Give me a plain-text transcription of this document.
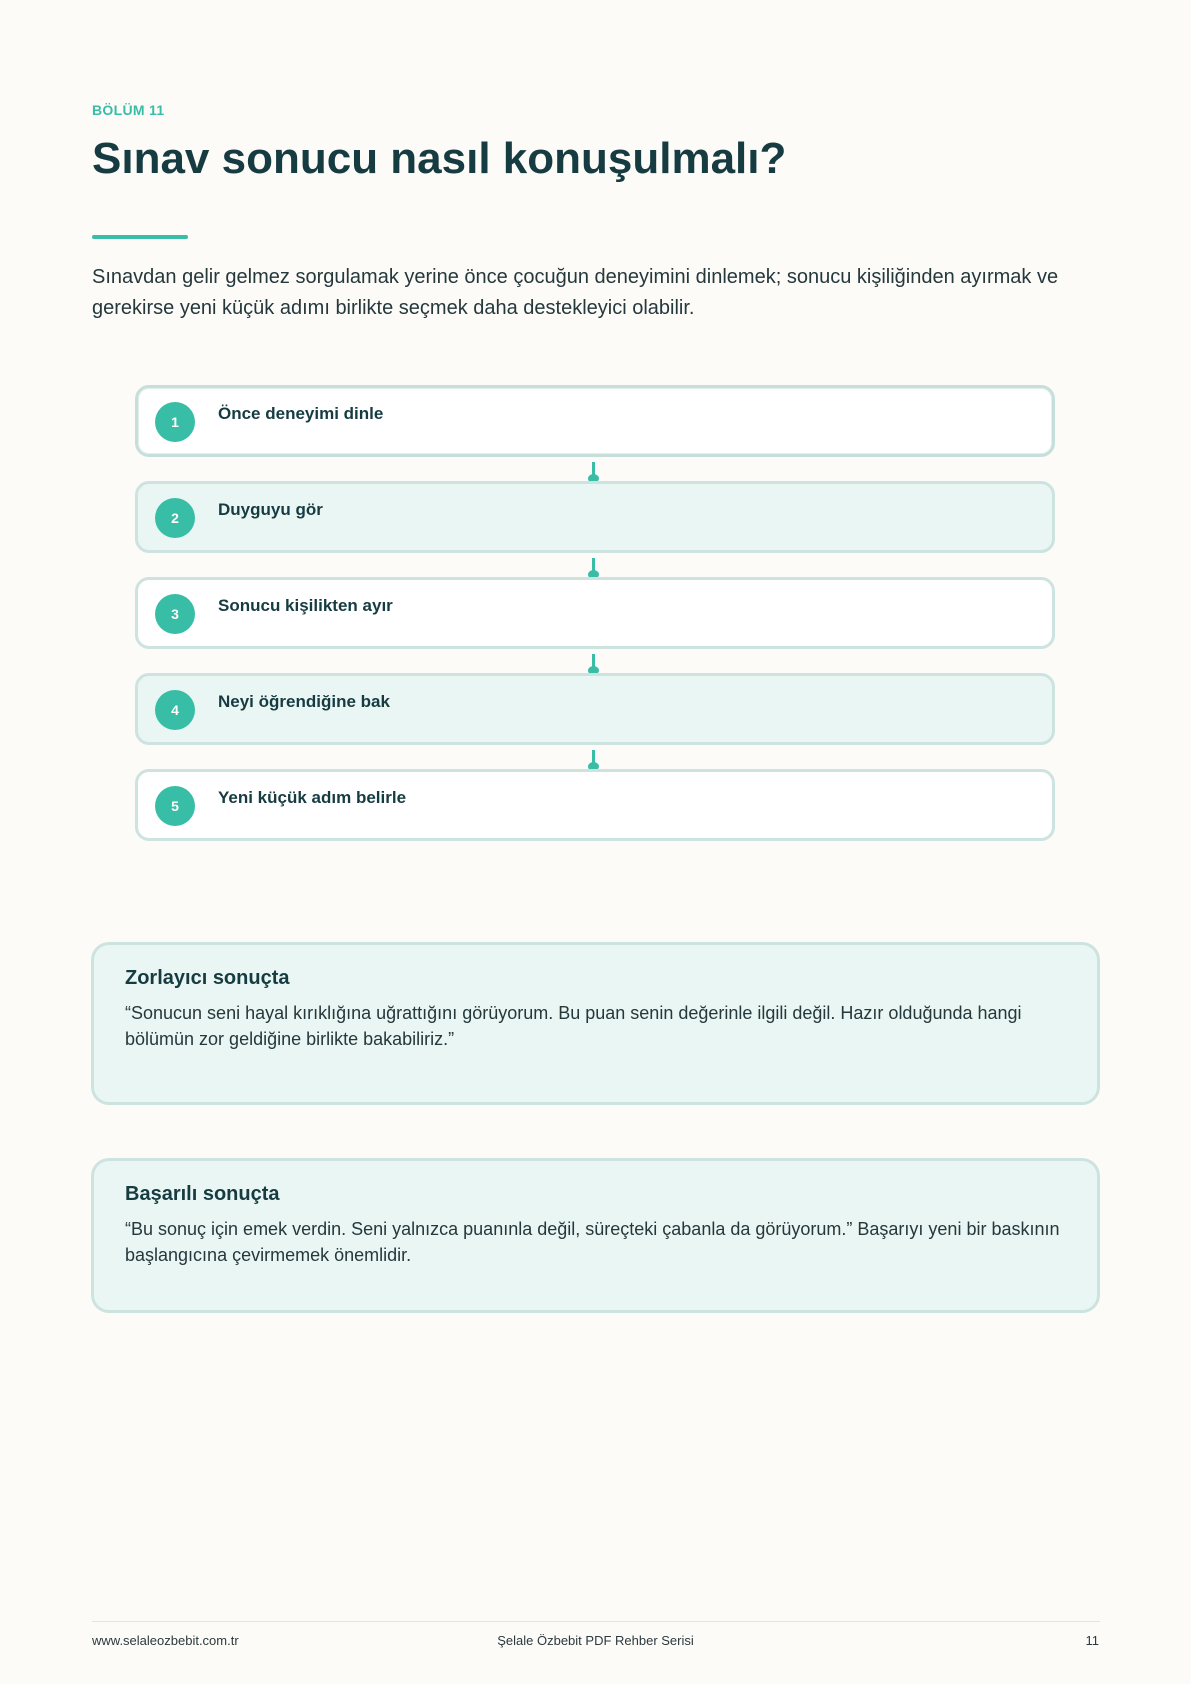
BÖLÜM 11
Sınav sonucu nasıl konuşulmalı?

Sınavdan gelir gelmez sorgulamak yerine önce çocuğun deneyimini dinlemek; sonucu kişiliğinden ayırmak ve gerekirse yeni küçük adımı birlikte seçmek daha destekleyici olabilir.

1	Önce deneyimi dinle
2	Duyguyu gör
3	Sonucu kişilikten ayır
4	Neyi öğrendiğine bak
5	Yeni küçük adım belirle
Zorlayıcı sonuçta

“Sonucun seni hayal kırıklığına uğrattığını görüyorum. Bu puan senin değerinle ilgili değil. Hazır olduğunda hangi bölümün zor geldiğine birlikte bakabiliriz.”

Başarılı sonuçta

“Bu sonuç için emek verdin. Seni yalnızca puanınla değil, süreçteki çabanla da görüyorum.” Başarıyı yeni bir baskının başlangıcına çevirmemek önemlidir.

www.selaleozbebit.com.tr	Şelale Özbebit PDF Rehber Serisi	11
